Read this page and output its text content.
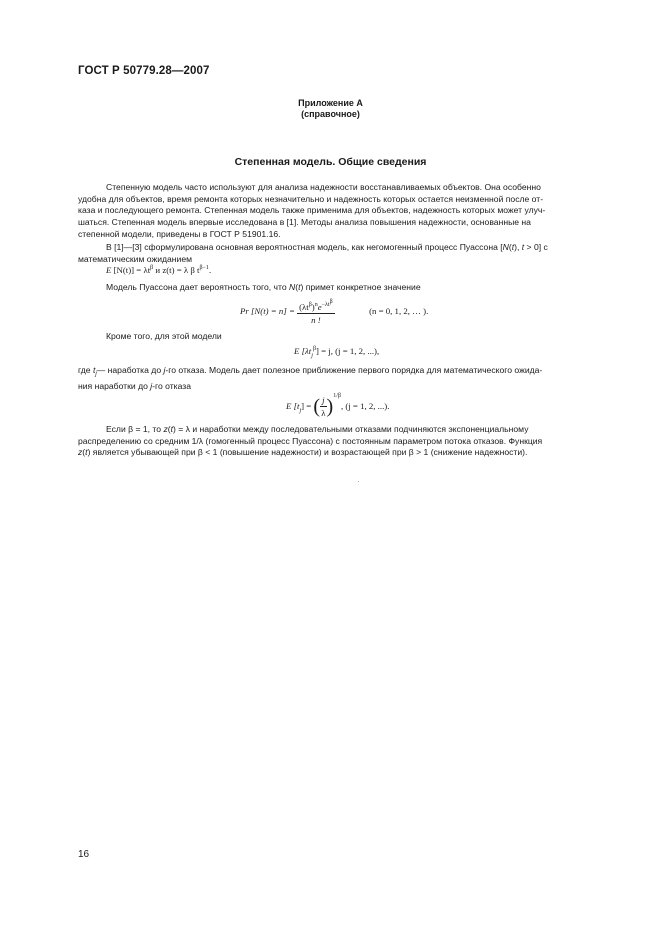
ГОСТ Р 50779.28—2007
Приложение А
(справочное)
Степенная модель. Общие сведения
Степенную модель часто используют для анализа надежности восстанавливаемых объектов. Она особенно
удобна для объектов, время ремонта которых незначительно и надежность которых остается неизменной после от-
каза и последующего ремонта. Степенная модель также применима для объектов, надежность которых может улуч-
шаться. Степенная модель впервые исследована в [1]. Методы анализа повышения надежности, основанные на
степенной модели, приведены в ГОСТ Р 51901.16.
В [1]—[3] сформулирована основная вероятностная модель, как негомогенный процесс Пуассона [N(t), t > 0] с
математическим ожиданием
E $[N(t)] = \lambda t^\beta$ и z(t) = λ β $t^{\beta-1}$.
Модель Пуассона дает вероятность того, что N(t) примет конкретное значение
Pr $[N(t) = n] = \frac{(\lambda t^\beta)^ne^{-\lambda t^\beta}}{n !}$	(n = 0, 1, 2, … ).
Кроме того, для этой модели
E $[\lambda t_j^\beta] = j$, (j = 1, 2, ...),
где $t_j—$ наработка до j-го отказа. Модель дает полезное приближение первого порядка для математического ожида-
ния наработки до j-го отказа
E $[t_j]$ = ( $\frac{j}{\lambda} )^{1/\beta}$, (j = 1, 2, ...).
Если β = 1, то z(t) = λ и наработки между последовательными отказами подчиняются экспоненциальному
распределению со средним 1/λ (гомогенный процесс Пуассона) с постоянным параметром потока отказов. Функция
z(t) является убывающей при β < 1 (повышение надежности) и возрастающей при β > 1 (снижение надежности).
16
